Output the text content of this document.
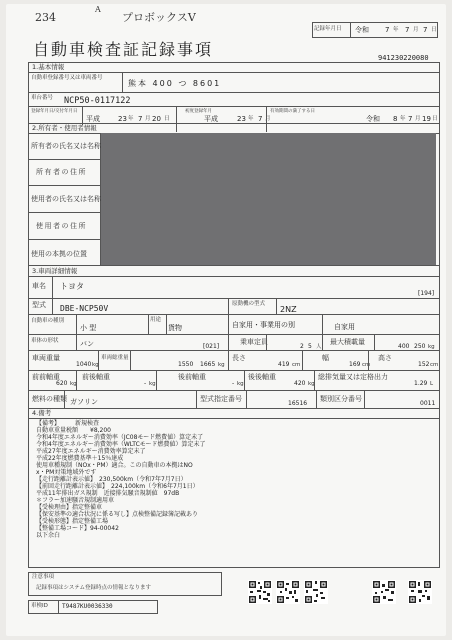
234
A
プロボックスV
自動車検査証記録事項
記録年月日 令和 7 年 7 月 7 日
941230220080
1.基本情報
自動車登録番号又は車両番号
熊本 400 つ 8601
車台番号 NCP50-0117122
登録年月日/交付年月日
平成	23 年 7 月 20 日
初度登録年月
平成	23 年 7 月
有効期間の満了する日
令和 8 年 7 月 19 日
2.所有者・使用者情報
所有者の氏名又は名称
所有者の住所
使用者の氏名又は名称
使用者の住所
使用の本拠の位置
3.車両詳細情報
車名 トヨタ
[194]
型式 DBE-NCP50V	原動機の型式
2NZ
自動車の種別
小 型
用途
貨物	自家用・事業用の別	自家用
車体の形状	バン	[021]
乗車定員
2 5 人
最大積載量
400 250 kg
車両重量
1040 kg
車両総重量
1550 1665 kg
長さ
419 cm
幅
169 cm
高さ
152 cm
前前軸重
620 kg
前後軸重
- kg
後前軸重
- kg
後後軸重
420 kg
総排気量又は定格出力
1.29 L
燃料の種類 ガソリン	型式指定番号
16516
類別区分番号
0011
4.備考
【備考】　　　新規検査
自動車重量税額　　¥8,200
令和4年度エネルギー消費効率（JC08モード燃費値）算定未了
令和4年度エネルギー消費効率（WLTCモード燃費値）算定未了
平成27年度エネルギー消費効率算定未了
平成22年度燃費基準＋15％達成
使用車種規制（NOx・PM）適合。この自動車の本拠はNO
x・PM対策地域外です
【走行距離計表示値】　230,500km（令和7年7月7日）
【前回走行距離計表示値】　224,100km（令和6年7月1日）
平成11年排出ガス規制　近接排気騒音規制値　97dB
＊フラー加速騒音規制適用車
【受検理由】指定整備車
【保安基準の適合状況に係る写し】点検整備記録簿記載あり
【受検形態】指定整備工場
【整備工場コード】94-00042
以下余白
注意事項
記録事項はシステム登録時点の情報となります
車検ID T9487KU0036330
